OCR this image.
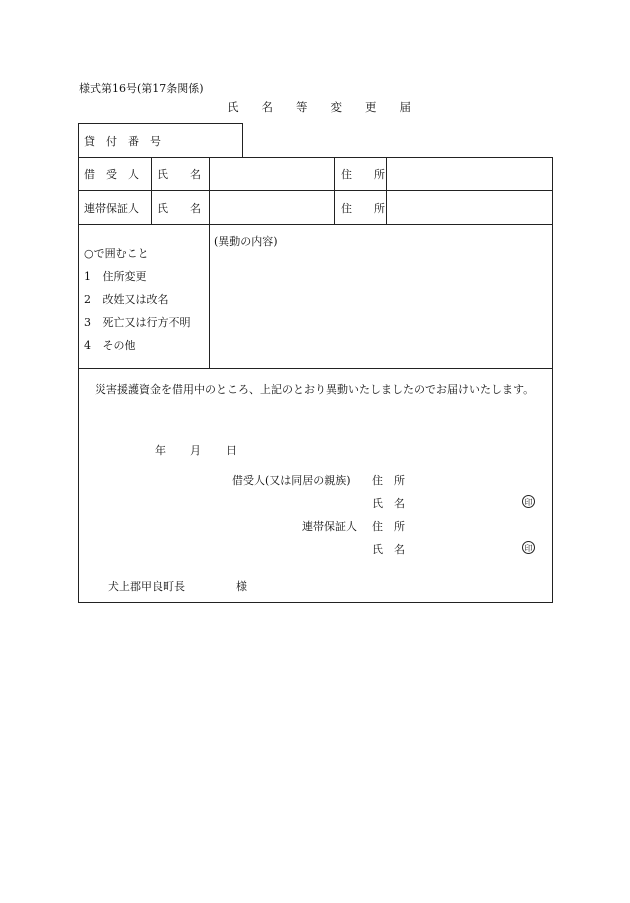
様式第16号(第17条関係)
氏　　名　　等　　変　　更　　届
貸　付　番　号
借　受　人 氏　　名	住　　所
連帯保証人 氏　　名	住　　所
○で囲むこと
1 住所変更
2 改姓又は改名
3 死亡又は行方不明
4 その他
(異動の内容)
災害援護資金を借用中のところ、上記のとおり異動いたしましたのでお届けいたします。
年 月 日
借受人(又は同居の親族) 住　所
氏　名	印
連帯保証人 住　所
氏　名	印
犬上郡甲良町長	様
